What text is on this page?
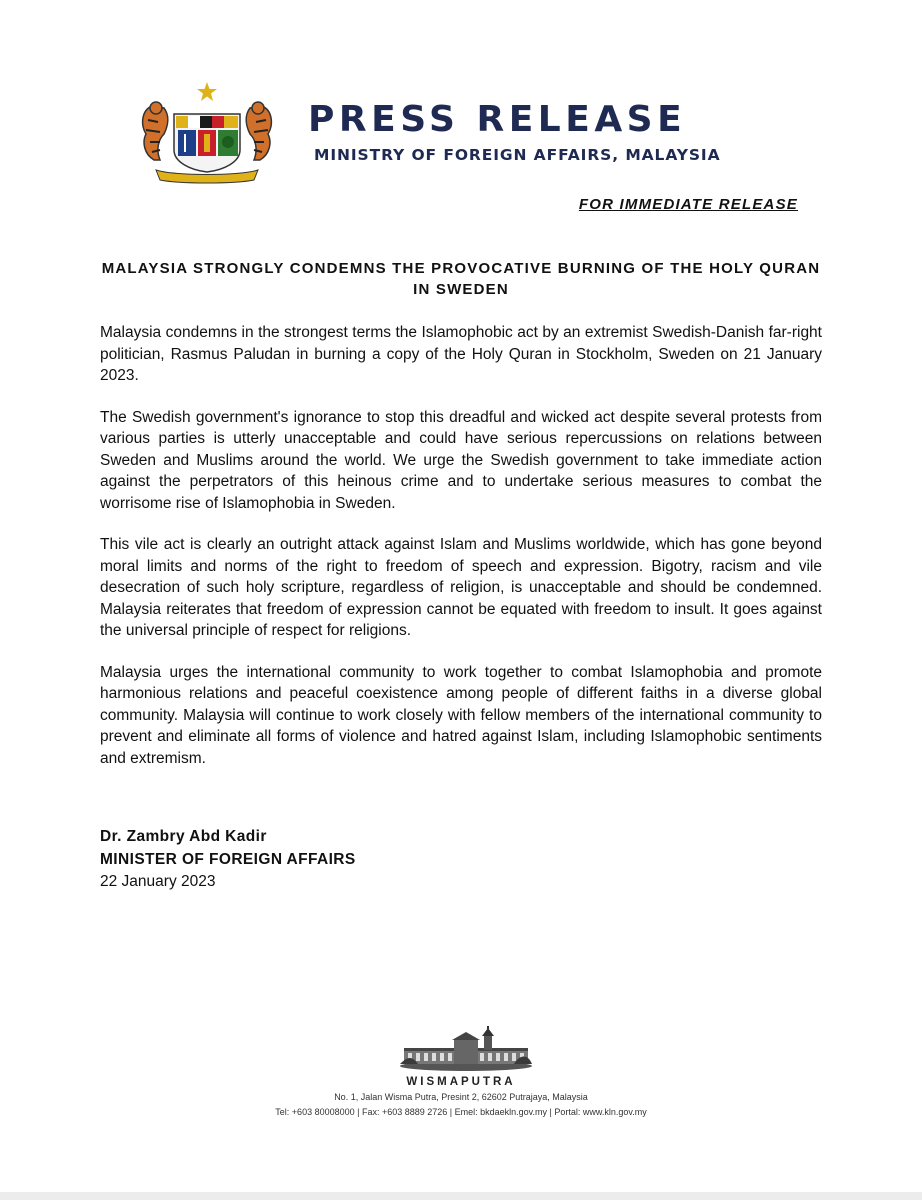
PRESS RELEASE
MINISTRY OF FOREIGN AFFAIRS, MALAYSIA
FOR IMMEDIATE RELEASE
MALAYSIA STRONGLY CONDEMNS THE PROVOCATIVE BURNING OF THE HOLY QURAN IN SWEDEN

Malaysia condemns in the strongest terms the Islamophobic act by an extremist Swedish-Danish far-right politician, Rasmus Paludan in burning a copy of the Holy Quran in Stockholm, Sweden on 21 January 2023.

The Swedish government's ignorance to stop this dreadful and wicked act despite several protests from various parties is utterly unacceptable and could have serious repercussions on relations between Sweden and Muslims around the world. We urge the Swedish government to take immediate action against the perpetrators of this heinous crime and to undertake serious measures to combat the worrisome rise of Islamophobia in Sweden.

This vile act is clearly an outright attack against Islam and Muslims worldwide, which has gone beyond moral limits and norms of the right to freedom of speech and expression. Bigotry, racism and vile desecration of such holy scripture, regardless of religion, is unacceptable and should be condemned. Malaysia reiterates that freedom of expression cannot be equated with freedom to insult. It goes against the universal principle of respect for religions.

Malaysia urges the international community to work together to combat Islamophobia and promote harmonious relations and peaceful coexistence among people of different faiths in a diverse global community. Malaysia will continue to work closely with fellow members of the international community to prevent and eliminate all forms of violence and hatred against Islam, including Islamophobic sentiments and extremism.

Dr. Zambry Abd Kadir
MINISTER OF FOREIGN AFFAIRS
22 January 2023
WISMAPUTRA
No. 1, Jalan Wisma Putra, Presint 2, 62602 Putrajaya, Malaysia
Tel: +603 80008000 | Fax: +603 8889 2726 | Emel: bkdaekln.gov.my | Portal: www.kln.gov.my
